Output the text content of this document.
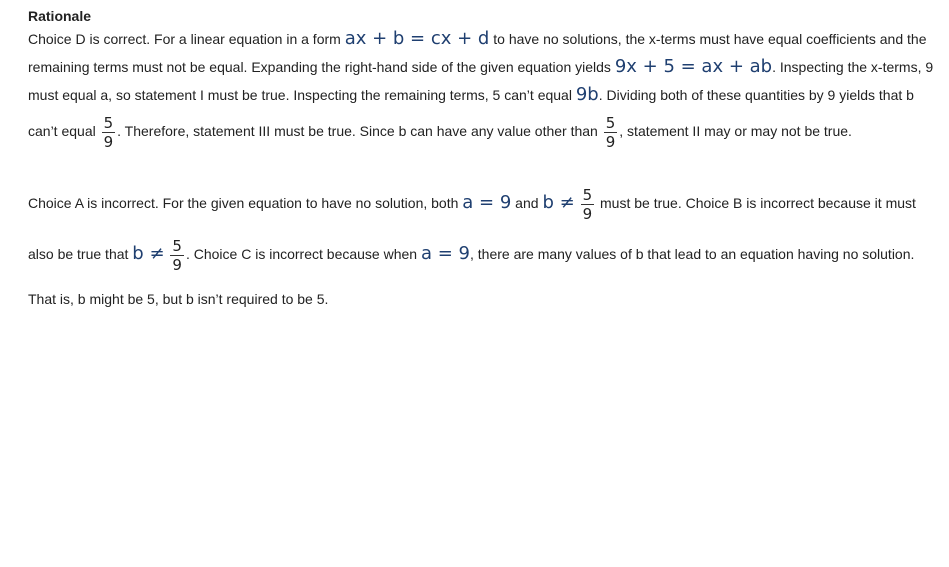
Rationale
Choice D is correct. For a linear equation in a form ax + b = cx + d to have no solutions, the x-terms must have equal coefficients and the
remaining terms must not be equal. Expanding the right-hand side of the given equation yields 9x + 5 = ax + ab. Inspecting the x-terms, 9
must equal a, so statement I must be true. Inspecting the remaining terms, 5 can’t equal 9b. Dividing both of these quantities by 9 yields that b
can’t equal $\frac{5}{9}$ . Therefore, statement III must be true. Since b can have any value other than $\frac{5}{9}$ , statement II may or may not be true.
Choice A is incorrect. For the given equation to have no solution, both a = 9 and $b \ne \frac{5}{9}$ must be true. Choice B is incorrect because it must
also be true that $b \ne \frac{5}{9}$ . Choice C is incorrect because when a = 9, there are many values of b that lead to an equation having no solution.
That is, b might be 5, but b isn’t required to be 5.
